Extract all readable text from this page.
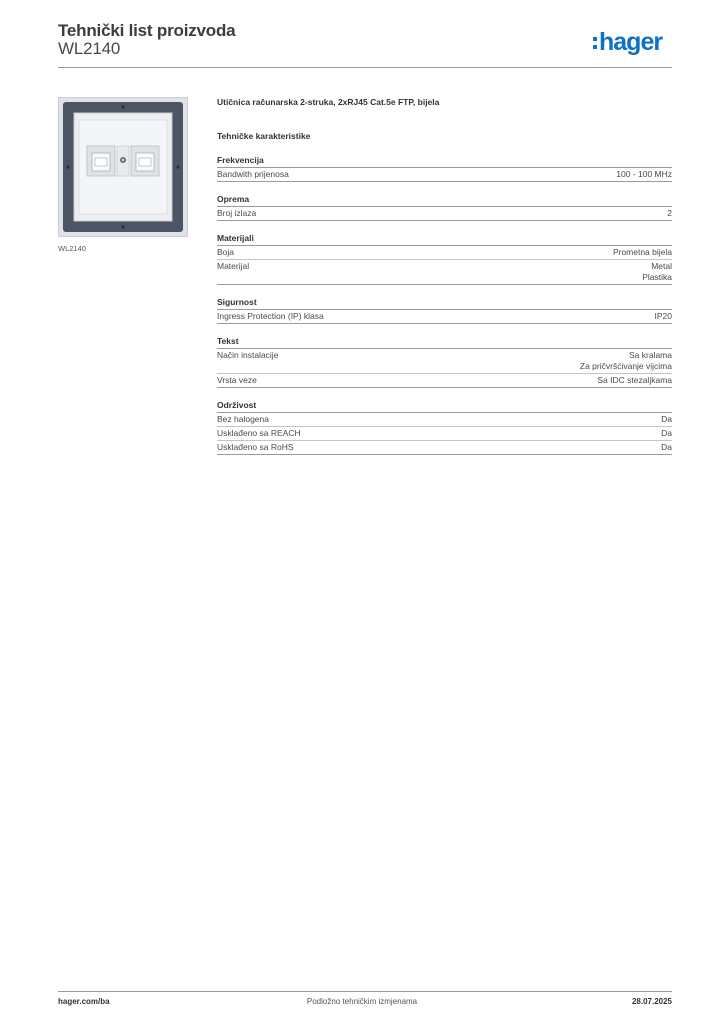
Tehnički list proizvoda
WL2140	hager
WL2140
Utičnica računarska 2-struka, 2xRJ45 Cat.5e FTP, bijela
Tehničke karakteristike
Frekvencija
Bandwith prijenosa	100 - 100 MHz
Oprema
Broj izlaza	2
Materijali
Boja	Prometna bijela
Materijal	Metal
Plastika
Sigurnost
Ingress Protection (IP) klasa	IP20
Tekst
Način instalacije	Sa kralama
Za pričvršćivanje vijcima
Vrsta veze	Sa IDC stezaljkama
Održivost
Bez halogena	Da
Usklađeno sa REACH	Da
Usklađeno sa RoHS	Da
hager.com/ba	Podložno tehničkim izmjenama	28.07.2025
